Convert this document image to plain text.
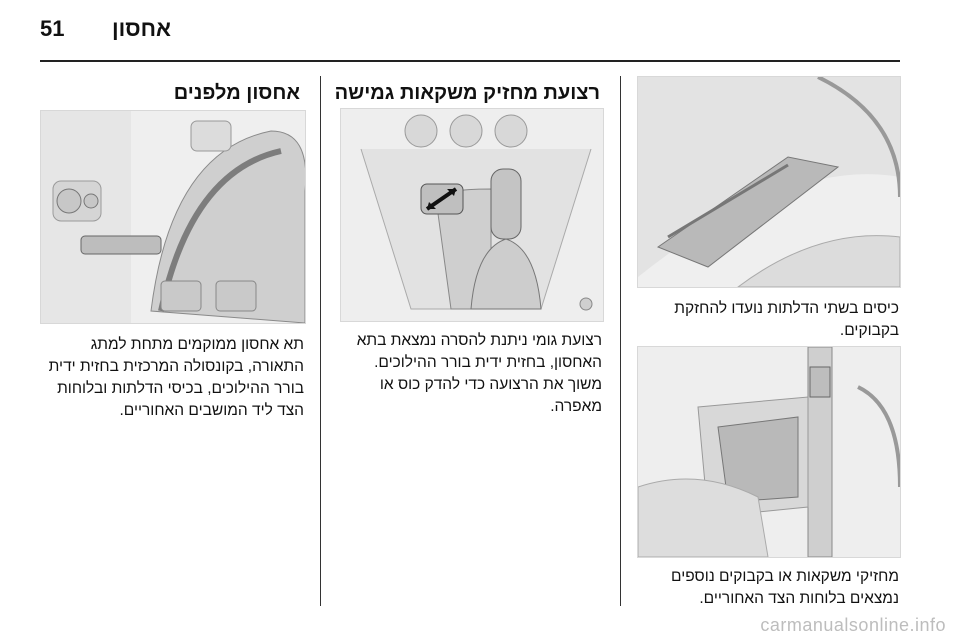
51 אחסון
אחסון מלפנים
תא אחסון ממוקמים מתחת למתג התאורה, בקונסולה המרכזית בחזית ידית בורר ההילוכים, בכיסי הדלתות ובלוחות הצד ליד המושבים האחוריים.
רצועת מחזיק משקאות גמישה
רצועת גומי ניתנת להסרה נמצאת בתא האחסון, בחזית ידית בורר ההילוכים. משוך את הרצועה כדי להדק כוס או מאפרה.
כיסים בשתי הדלתות נועדו להחזקת בקבוקים.
מחזיקי משקאות או בקבוקים נוספים נמצאים בלוחות הצד האחוריים.
carmanualsonline.info
